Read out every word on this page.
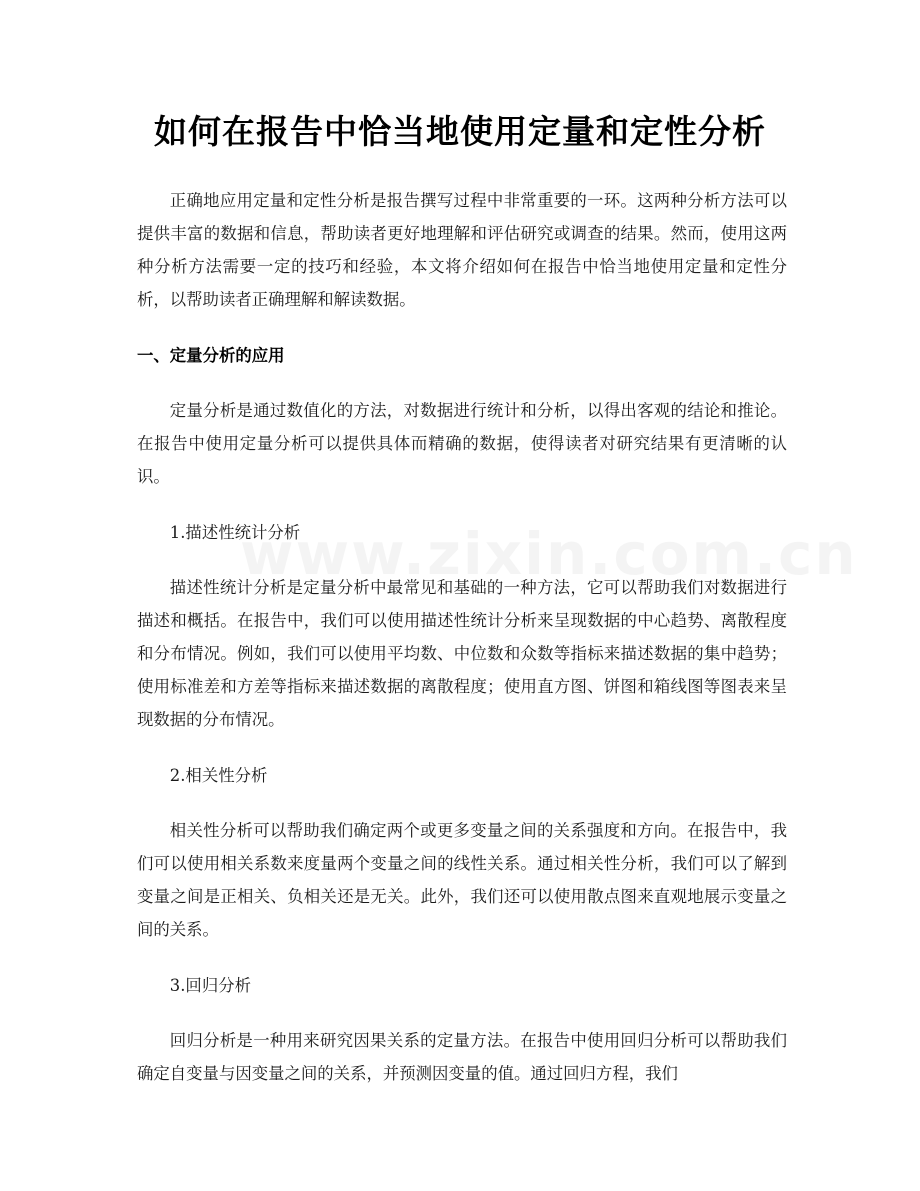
如何在报告中恰当地使用定量和定性分析

正确地应用定量和定性分析是报告撰写过程中非常重要的一环。这两种分析方法可以提供丰富的数据和信息，帮助读者更好地理解和评估研究或调查的结果。然而，使用这两种分析方法需要一定的技巧和经验，本文将介绍如何在报告中恰当地使用定量和定性分析，以帮助读者正确理解和解读数据。

一、定量分析的应用

定量分析是通过数值化的方法，对数据进行统计和分析，以得出客观的结论和推论。在报告中使用定量分析可以提供具体而精确的数据，使得读者对研究结果有更清晰的认识。

1.描述性统计分析

描述性统计分析是定量分析中最常见和基础的一种方法，它可以帮助我们对数据进行描述和概括。在报告中，我们可以使用描述性统计分析来呈现数据的中心趋势、离散程度和分布情况。例如，我们可以使用平均数、中位数和众数等指标来描述数据的集中趋势；使用标准差和方差等指标来描述数据的离散程度；使用直方图、饼图和箱线图等图表来呈现数据的分布情况。

2.相关性分析

相关性分析可以帮助我们确定两个或更多变量之间的关系强度和方向。在报告中，我们可以使用相关系数来度量两个变量之间的线性关系。通过相关性分析，我们可以了解到变量之间是正相关、负相关还是无关。此外，我们还可以使用散点图来直观地展示变量之间的关系。

3.回归分析

回归分析是一种用来研究因果关系的定量方法。在报告中使用回归分析可以帮助我们确定自变量与因变量之间的关系，并预测因变量的值。通过回归方程，我们
